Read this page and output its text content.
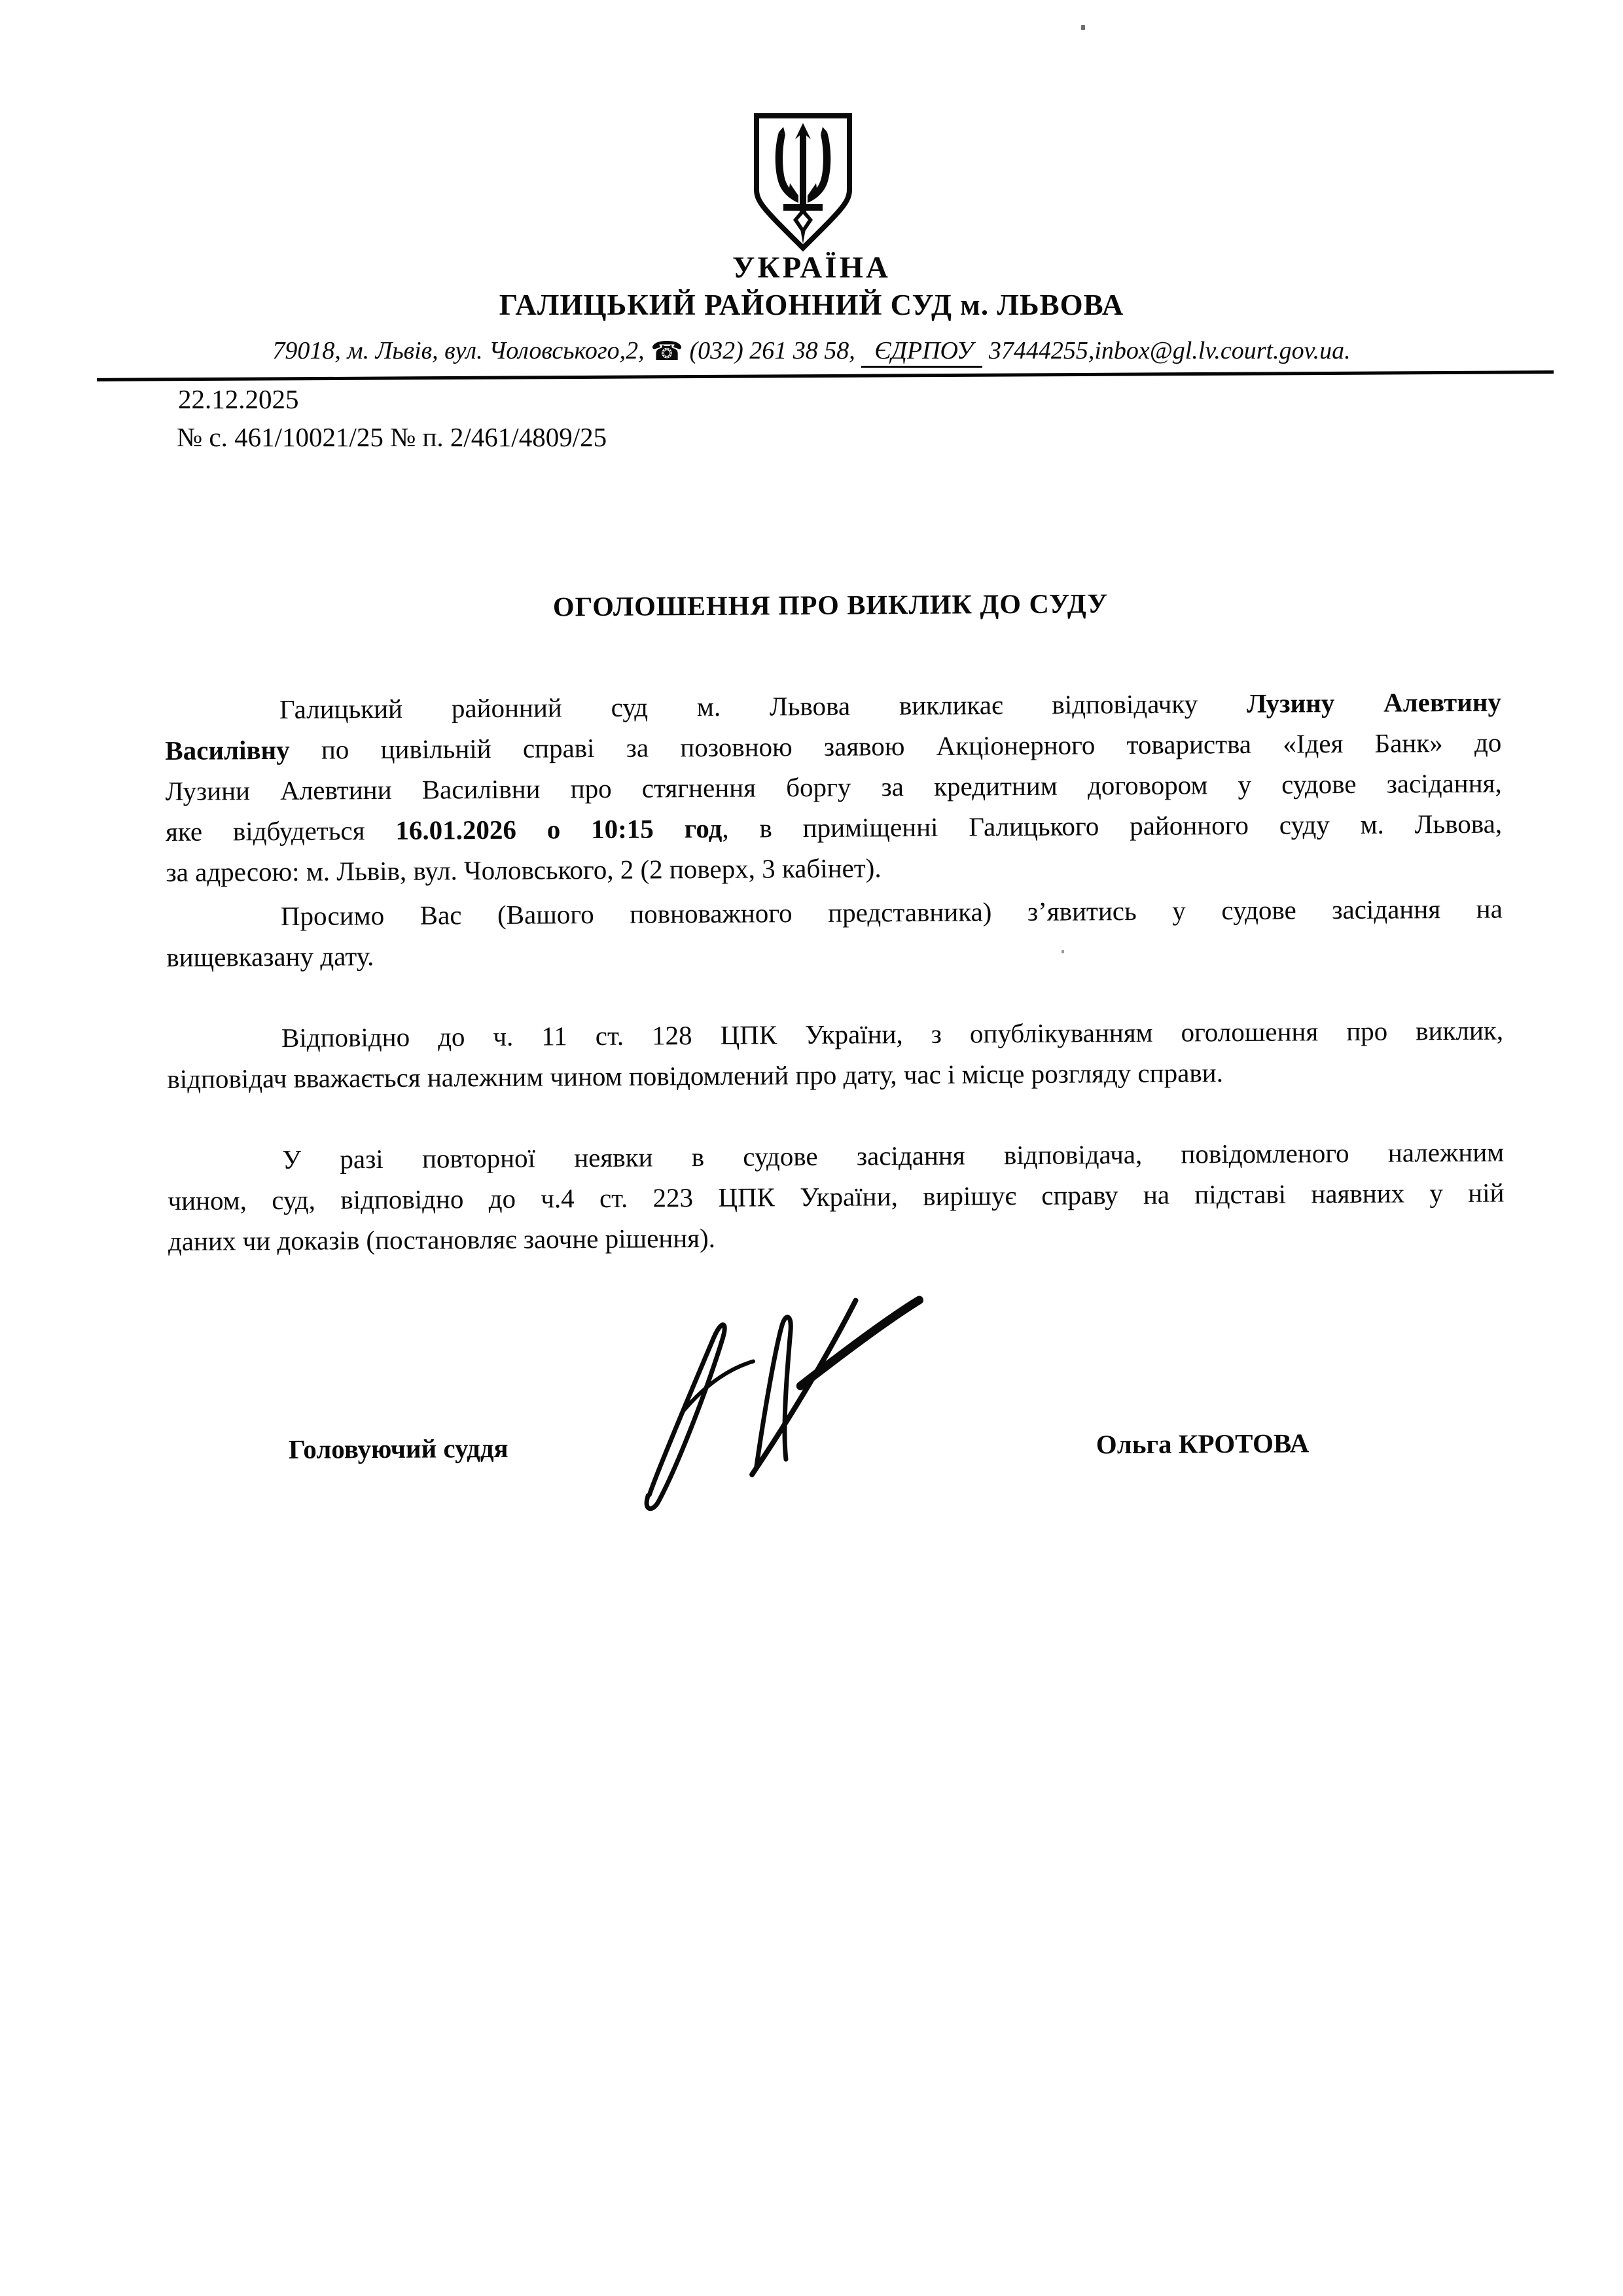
УКРАЇНА
ГАЛИЦЬКИЙ РАЙОННИЙ СУД м. ЛЬВОВА
79018, м. Львів, вул. Чоловського,2, ☎ (032) 261 38 58, ЄДРПОУ 37444255,inbox@gl.lv.court.gov.ua.
22.12.2025
№ с. 461/10021/25 № п. 2/461/4809/25
ОГОЛОШЕННЯ ПРО ВИКЛИК ДО СУДУ

Галицький районний суд м. Львова викликає відповідачку Лузину Алевтину
Василівну по цивільній справі за позовною заявою Акціонерного товариства «Ідея Банк» до
Лузини Алевтини Василівни про стягнення боргу за кредитним договором у судове засідання,
яке відбудеться 16.01.2026 о 10:15 год, в приміщенні Галицького районного суду м. Львова,
за адресою: м. Львів, вул. Чоловського, 2 (2 поверх, 3 кабінет).

Просимо Вас (Вашого повноважного представника) з’явитись у судове засідання на
вищевказану дату.

Відповідно до ч. 11 ст. 128 ЦПК України, з опублікуванням оголошення про виклик,
відповідач вважається належним чином повідомлений про дату, час і місце розгляду справи.

У разі повторної неявки в судове засідання відповідача, повідомленого належним
чином, суд, відповідно до ч.4 ст. 223 ЦПК України, вирішує справу на підставі наявних у ній
даних чи доказів (постановляє заочне рішення).

Головуючий суддя	Ольга КРОТОВА
